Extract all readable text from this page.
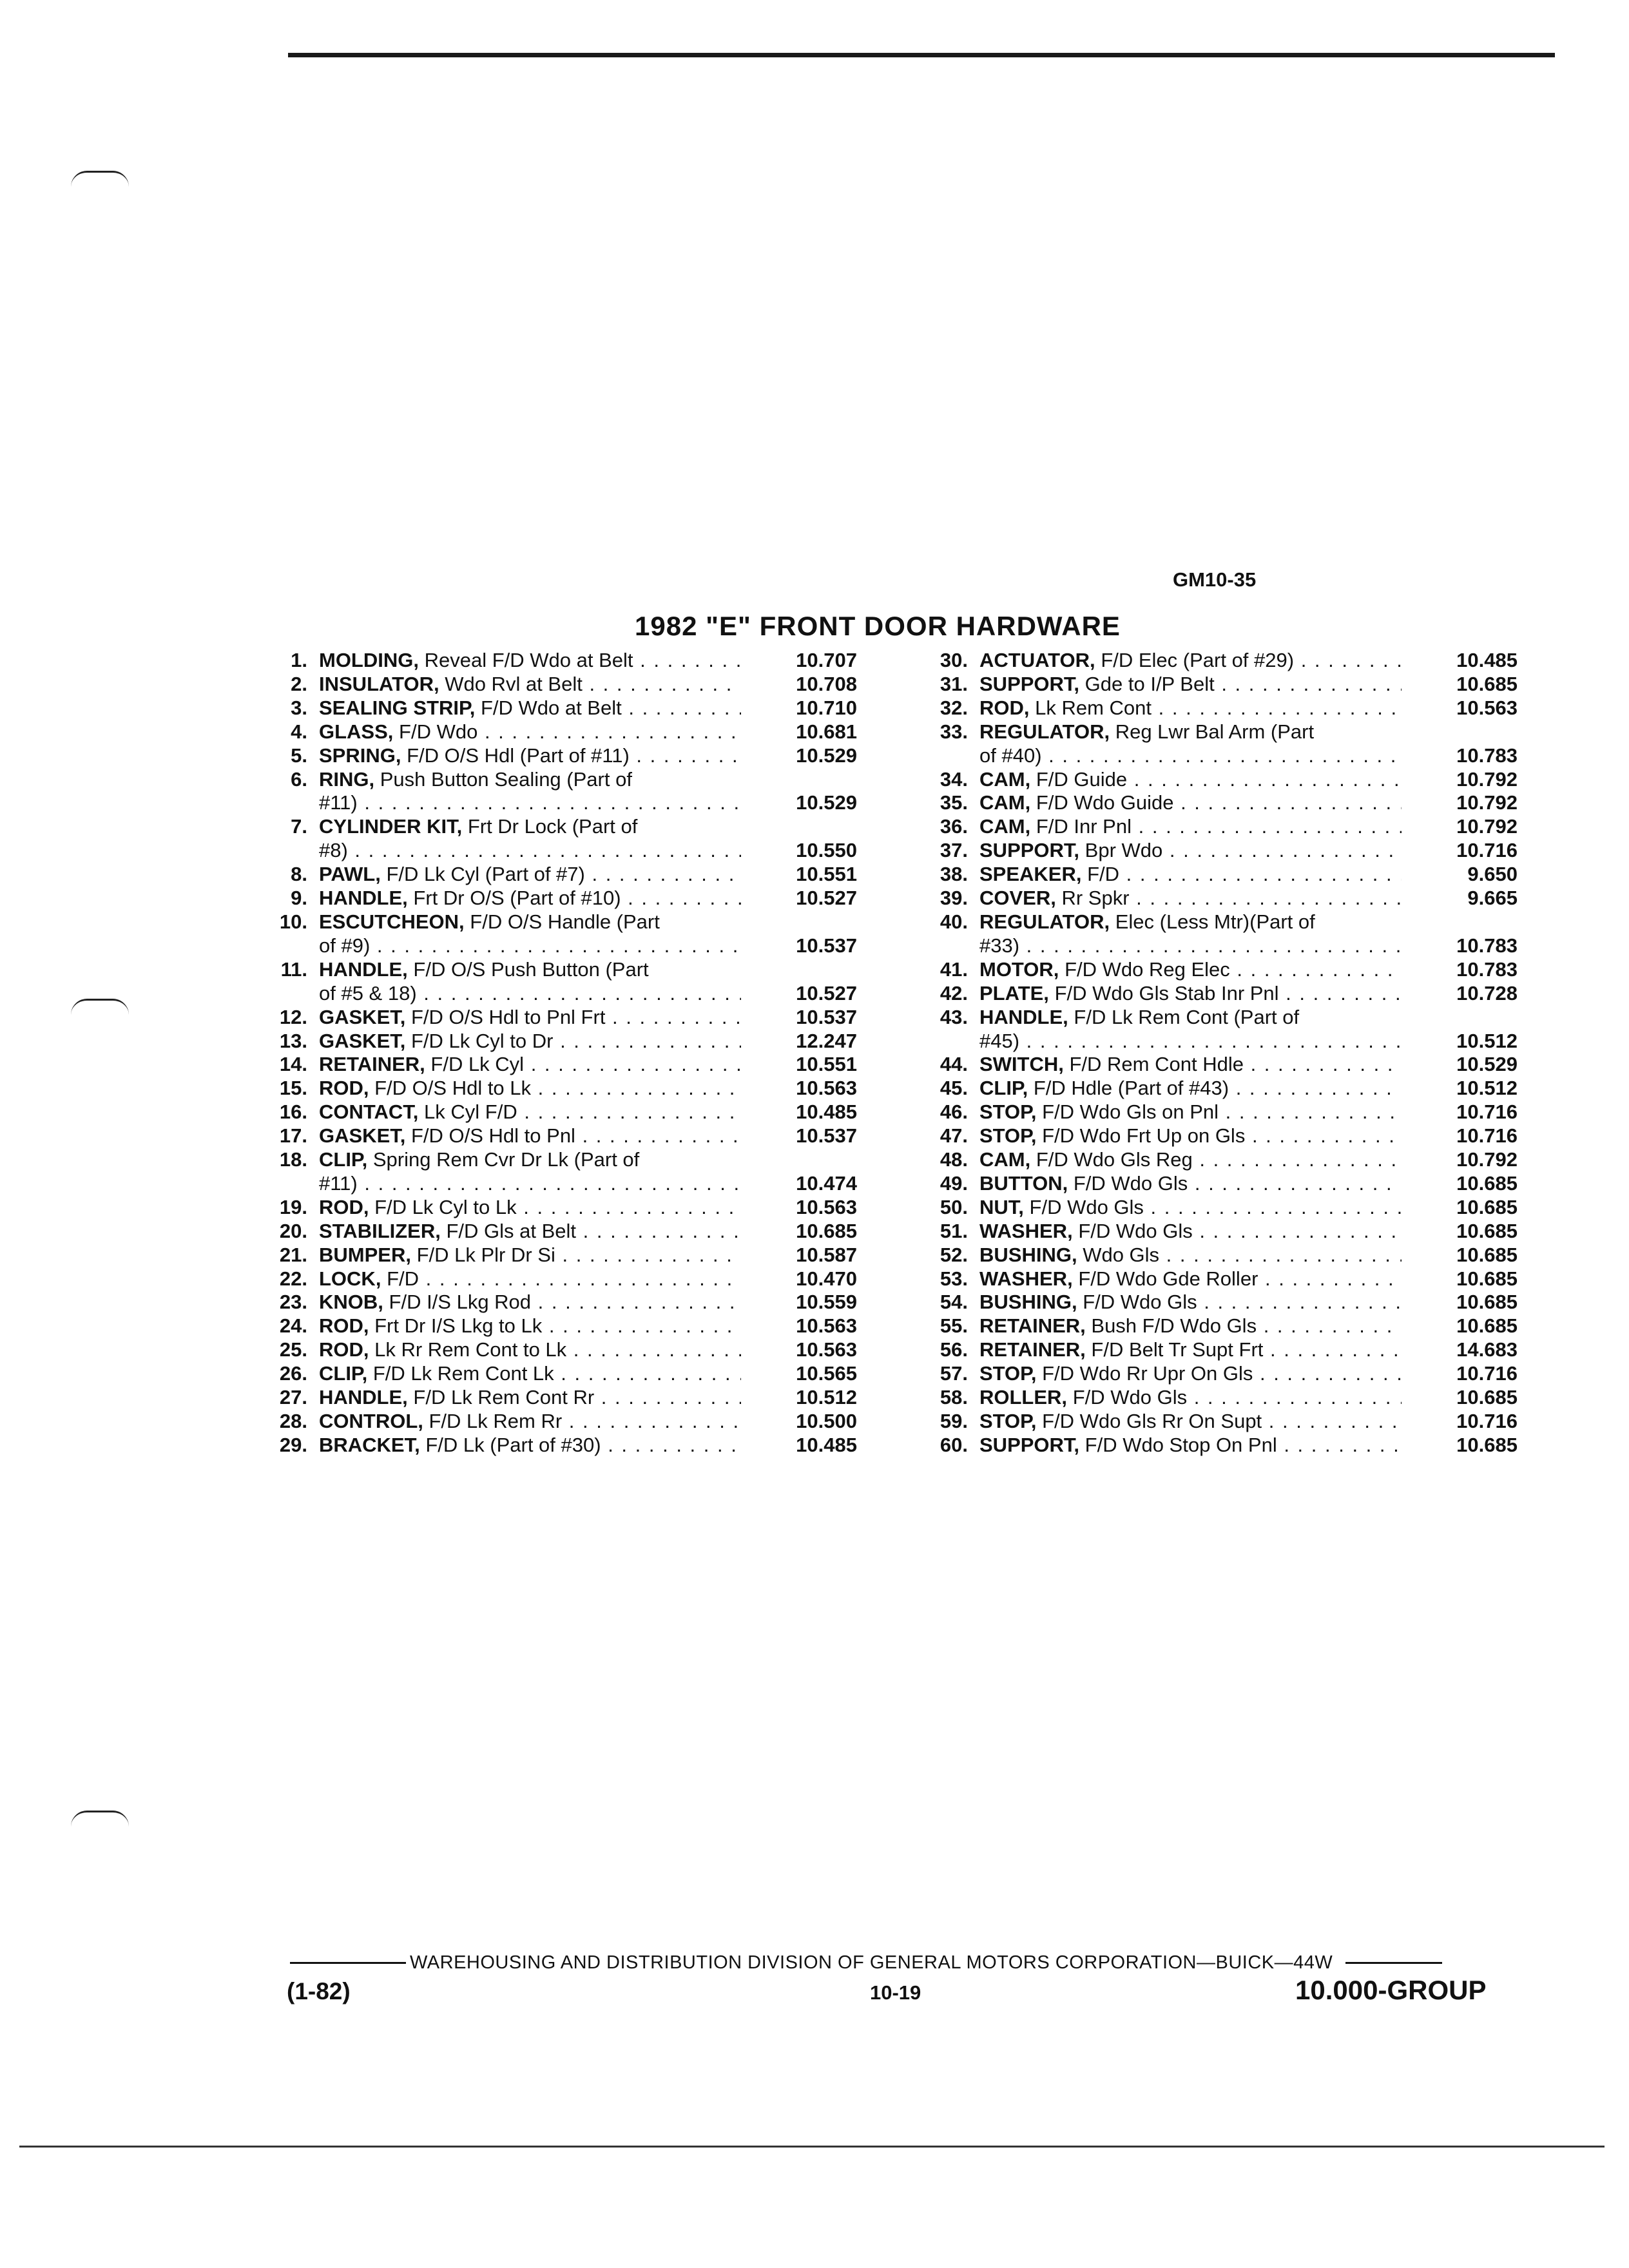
GM10-35
1982 "E" FRONT DOOR HARDWARE
1. MOLDING, Reveal F/D Wdo at Belt . . .	10.707
2. INSULATOR, Wdo Rvl at Belt . . .	10.708
3. SEALING STRIP, F/D Wdo at Belt . . .	10.710
4. GLASS, F/D Wdo . . .	10.681
5. SPRING, F/D O/S Hdl (Part of #11) . . .	10.529
6. RING, Push Button Sealing (Part of
#11) . . .	10.529
7. CYLINDER KIT, Frt Dr Lock (Part of
#8) . . .	10.550
8. PAWL, F/D Lk Cyl (Part of #7) . . .	10.551
9. HANDLE, Frt Dr O/S (Part of #10) . . .	10.527
10. ESCUTCHEON, F/D O/S Handle (Part
of #9) . . .	10.537
11. HANDLE, F/D O/S Push Button (Part
of #5 & 18) . . .	10.527
12. GASKET, F/D O/S Hdl to Pnl Frt . . .	10.537
13. GASKET, F/D Lk Cyl to Dr . . .	12.247
14. RETAINER, F/D Lk Cyl . . .	10.551
15. ROD, F/D O/S Hdl to Lk . . .	10.563
16. CONTACT, Lk Cyl F/D . . .	10.485
17. GASKET, F/D O/S Hdl to Pnl . . .	10.537
18. CLIP, Spring Rem Cvr Dr Lk (Part of
#11) . . .	10.474
19. ROD, F/D Lk Cyl to Lk . . .	10.563
20. STABILIZER, F/D Gls at Belt . . .	10.685
21. BUMPER, F/D Lk Plr Dr Si . . .	10.587
22. LOCK, F/D . . .	10.470
23. KNOB, F/D I/S Lkg Rod . . .	10.559
24. ROD, Frt Dr I/S Lkg to Lk . . .	10.563
25. ROD, Lk Rr Rem Cont to Lk . . .	10.563
26. CLIP, F/D Lk Rem Cont Lk . . .	10.565
27. HANDLE, F/D Lk Rem Cont Rr . . .	10.512
28. CONTROL, F/D Lk Rem Rr . . .	10.500
29. BRACKET, F/D Lk (Part of #30) . . .	10.485
30. ACTUATOR, F/D Elec (Part of #29) . . .	10.485
31. SUPPORT, Gde to I/P Belt . . .	10.685
32. ROD, Lk Rem Cont . . .	10.563
33. REGULATOR, Reg Lwr Bal Arm (Part
of #40) . . .	10.783
34. CAM, F/D Guide . . .	10.792
35. CAM, F/D Wdo Guide . . .	10.792
36. CAM, F/D Inr Pnl . . .	10.792
37. SUPPORT, Bpr Wdo . . .	10.716
38. SPEAKER, F/D . . .	9.650
39. COVER, Rr Spkr . . .	9.665
40. REGULATOR, Elec (Less Mtr)(Part of
#33) . . .	10.783
41. MOTOR, F/D Wdo Reg Elec . . .	10.783
42. PLATE, F/D Wdo Gls Stab Inr Pnl . . .	10.728
43. HANDLE, F/D Lk Rem Cont (Part of
#45) . . .	10.512
44. SWITCH, F/D Rem Cont Hdle . . .	10.529
45. CLIP, F/D Hdle (Part of #43) . . .	10.512
46. STOP, F/D Wdo Gls on Pnl . . .	10.716
47. STOP, F/D Wdo Frt Up on Gls . . .	10.716
48. CAM, F/D Wdo Gls Reg . . .	10.792
49. BUTTON, F/D Wdo Gls . . .	10.685
50. NUT, F/D Wdo Gls . . .	10.685
51. WASHER, F/D Wdo Gls . . .	10.685
52. BUSHING, Wdo Gls . . .	10.685
53. WASHER, F/D Wdo Gde Roller . . .	10.685
54. BUSHING, F/D Wdo Gls . . .	10.685
55. RETAINER, Bush F/D Wdo Gls . . .	10.685
56. RETAINER, F/D Belt Tr Supt Frt . . .	14.683
57. STOP, F/D Wdo Rr Upr On Gls . . .	10.716
58. ROLLER, F/D Wdo Gls . . .	10.685
59. STOP, F/D Wdo Gls Rr On Supt . . .	10.716
60. SUPPORT, F/D Wdo Stop On Pnl . . .	10.685
WAREHOUSING AND DISTRIBUTION DIVISION OF GENERAL MOTORS CORPORATION—BUICK—44W
(1-82)	10-19	10.000-GROUP
